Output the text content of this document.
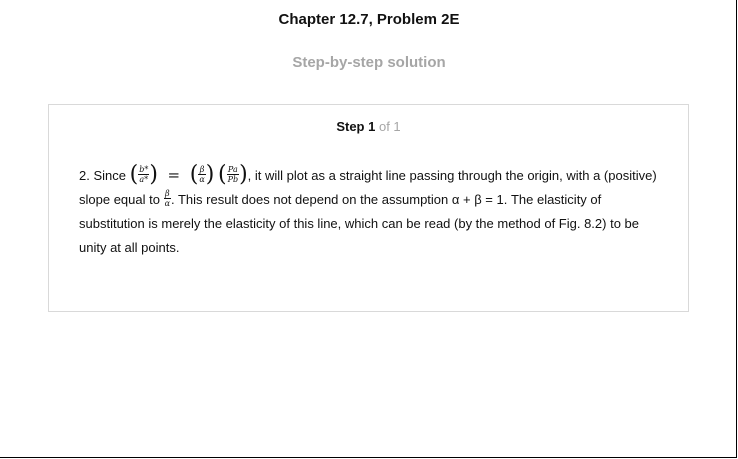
Chapter 12.7, Problem 2E
Step-by-step solution
Step 1 of 1
2. Since ( $\frac{b*}{a*}$ ) = ( $\frac{\beta}{\alpha}$ ) ( $\frac{Pa}{Pb}$ ), it will plot as a straight line passing through the origin, with a (positive) slope equal to $\frac{\beta}{\alpha}$ . This result does not depend on the assumption α + β = 1. The elasticity of substitution is merely the elasticity of this line, which can be read (by the method of Fig. 8.2) to be unity at all points.
